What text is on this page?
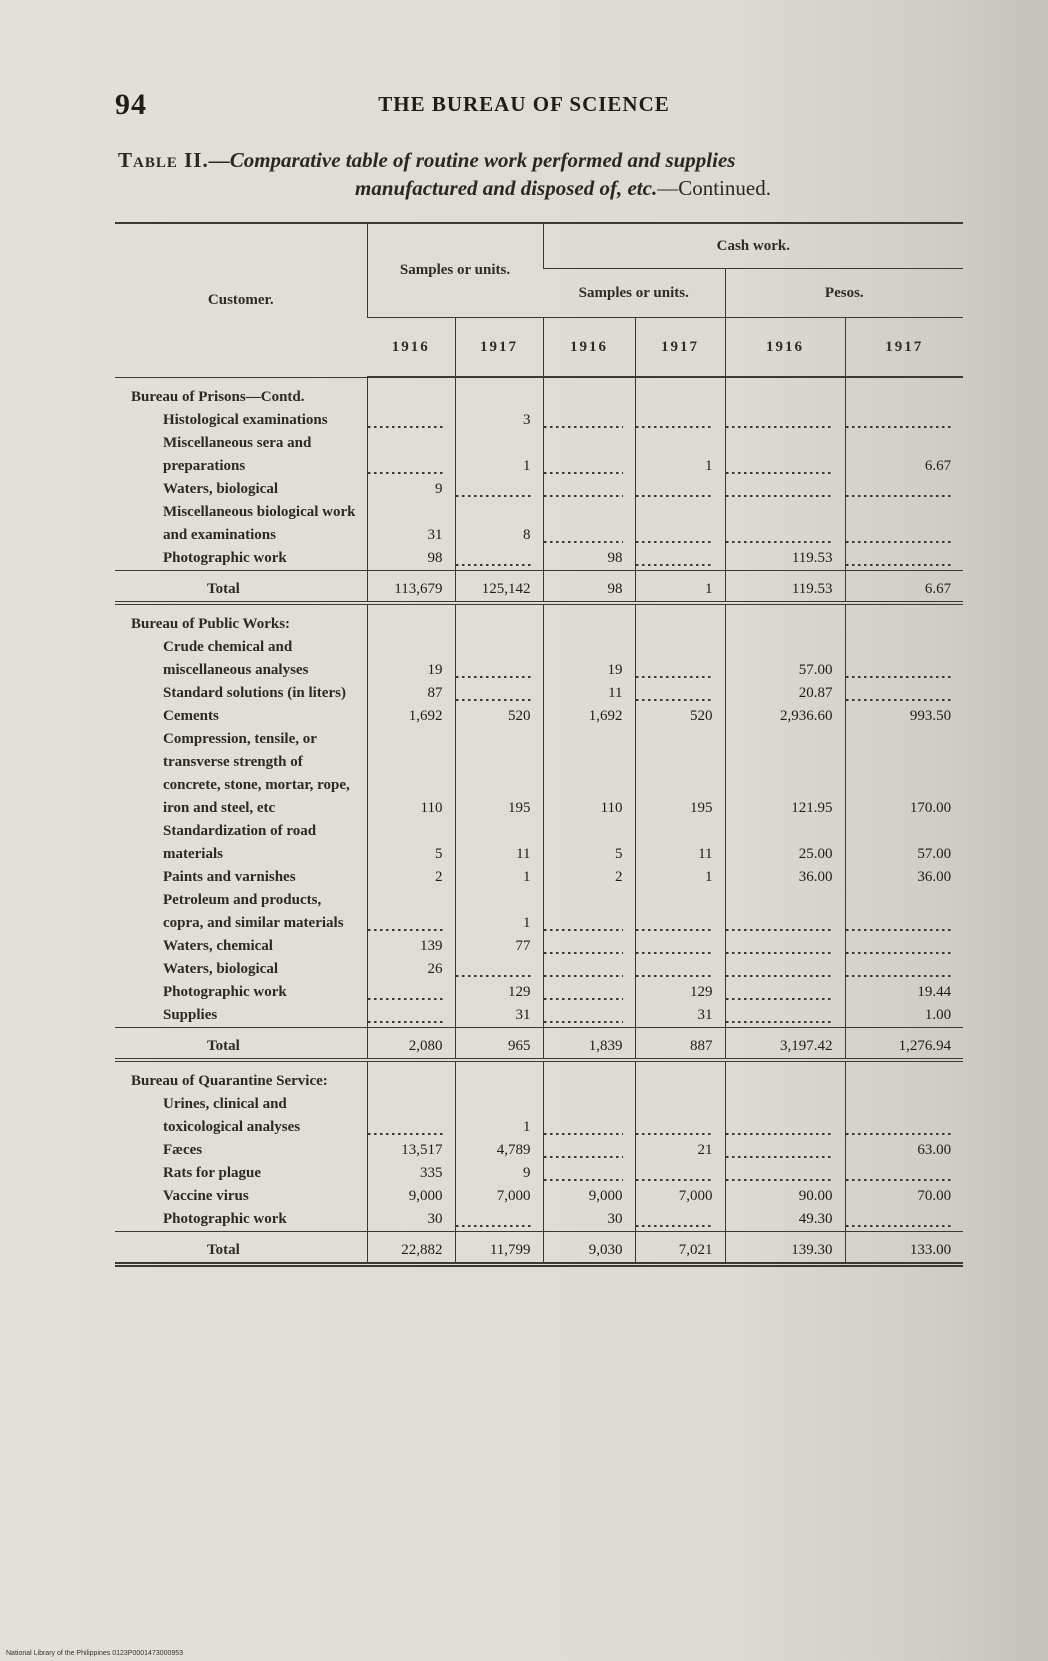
94	THE BUREAU OF SCIENCE
Table II.—Comparative table of routine work performed and supplies
manufactured and disposed of, etc.—Continued.
Customer.	Samples or units.		Cash work.			
			Samples or units.		Pesos.	
	1916	1917	1916	1917	1916	1917

Bureau of Prisons—Contd.						
Histological examinations		3	

Miscellaneous sera and preparations		1		1		6.67
Waters, biological	9	

Miscellaneous biological work and examinations	31	8	

Photographic work	98		98		119.53	

Total	113,679	125,142	98	1	119.53	6.67

Bureau of Public Works:						
Crude chemical and miscellaneous analyses	19		19		57.00	

Standard solutions (in liters)	87		11		20.87	

Cements	1,692	520	1,692	520	2,936.60	993.50
Compression, tensile, or transverse strength of concrete, stone, mortar, rope, iron and steel, etc	110	195	110	195	121.95	170.00
Standardization of road materials	5	11	5	11	25.00	57.00
Paints and varnishes	2	1	2	1	36.00	36.00
Petroleum and products, copra, and similar materials		1	

Waters, chemical	139	77	

Waters, biological	26	

Photographic work		129		129		19.44
Supplies		31		31		1.00
Total	2,080	965	1,839	887	3,197.42	1,276.94

Bureau of Quarantine Service:						
Urines, clinical and toxicological analyses		1	

Fæces	13,517	4,789		21		63.00
Rats for plague	335	9	

Vaccine virus	9,000	7,000	9,000	7,000	90.00	70.00
Photographic work	30		30		49.30	

Total	22,882	11,799	9,030	7,021	139.30	133.00
National Library of the Philippines 0123P0001473000953
